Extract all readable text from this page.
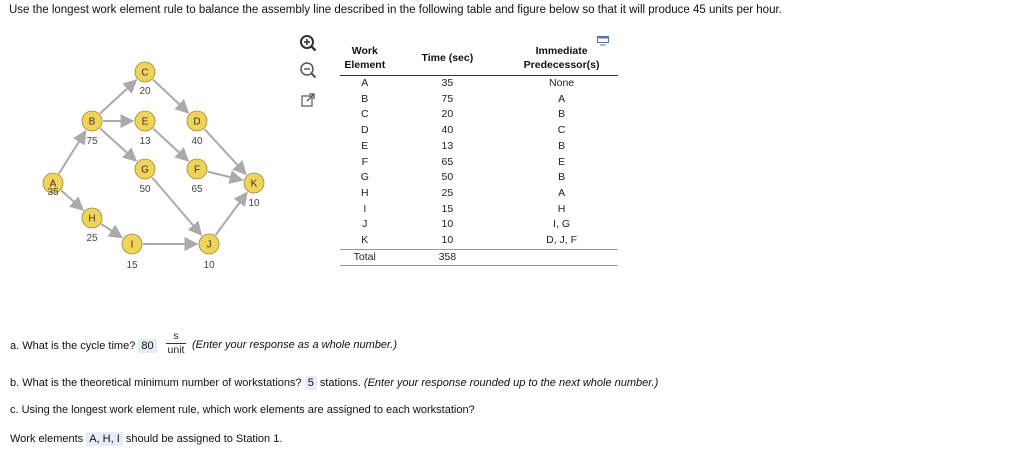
Use the longest work element rule to balance the assembly line described in the following table and figure below so that it will produce 45 units per hour.
A
35
B
75
C
20
D
40
E
13
F
65
G
50
H
25
I
15
J
10
K
10
Work
Element	Time (sec)	Immediate
Predecessor(s)
A	35	None
B	75	A
C	20	B
D	40	C
E	13	B
F	65	E
G	50	B
H	25	A
I	15	H
J	10	I, G
K	10	D, J, F
Total	358	
a. What is the cycle time? 80
s
unit (Enter your response as a whole number.)
b. What is the theoretical minimum number of workstations? 5 stations. (Enter your response rounded up to the next whole number.)
c. Using the longest work element rule, which work elements are assigned to each workstation?
Work elements A, H, I should be assigned to Station 1.
